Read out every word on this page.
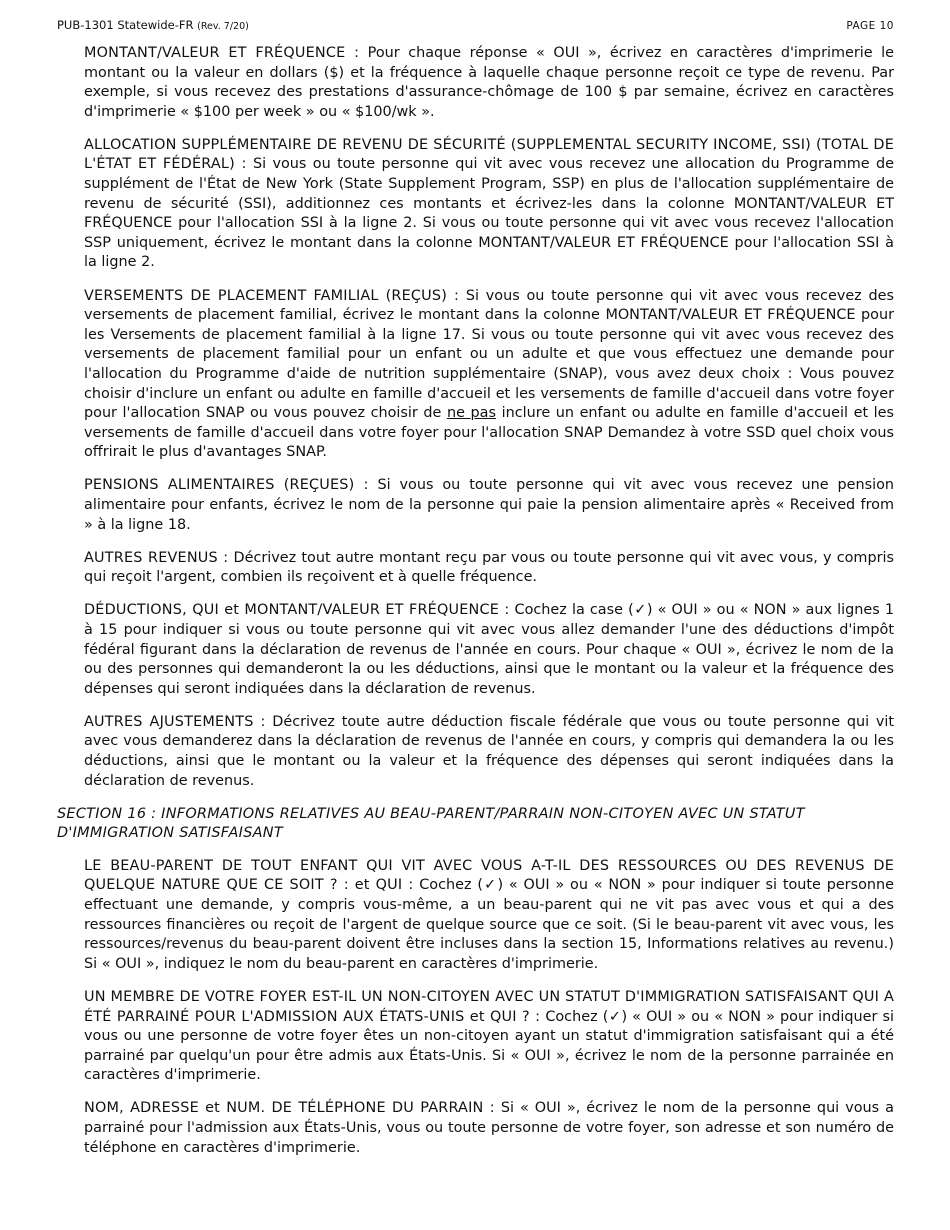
PUB-1301 Statewide-FR (Rev. 7/20)	PAGE 10

MONTANT/VALEUR ET FRÉQUENCE : Pour chaque réponse « OUI », écrivez en caractères d'imprimerie le montant ou la valeur en dollars ($) et la fréquence à laquelle chaque personne reçoit ce type de revenu. Par exemple, si vous recevez des prestations d'assurance-chômage de 100 $ par semaine, écrivez en caractères d'imprimerie « $100 per week » ou « $100/wk ».

ALLOCATION SUPPLÉMENTAIRE DE REVENU DE SÉCURITÉ (SUPPLEMENTAL SECURITY INCOME, SSI) (TOTAL DE L'ÉTAT ET FÉDÉRAL) : Si vous ou toute personne qui vit avec vous recevez une allocation du Programme de supplément de l'État de New York (State Supplement Program, SSP) en plus de l'allocation supplémentaire de revenu de sécurité (SSI), additionnez ces montants et écrivez-les dans la colonne MONTANT/VALEUR ET FRÉQUENCE pour l'allocation SSI à la ligne 2. Si vous ou toute personne qui vit avec vous recevez l'allocation SSP uniquement, écrivez le montant dans la colonne MONTANT/VALEUR ET FRÉQUENCE pour l'allocation SSI à la ligne 2.

VERSEMENTS DE PLACEMENT FAMILIAL (REÇUS) : Si vous ou toute personne qui vit avec vous recevez des versements de placement familial, écrivez le montant dans la colonne MONTANT/VALEUR ET FRÉQUENCE pour les Versements de placement familial à la ligne 17. Si vous ou toute personne qui vit avec vous recevez des versements de placement familial pour un enfant ou un adulte et que vous effectuez une demande pour l'allocation du Programme d'aide de nutrition supplémentaire (SNAP), vous avez deux choix : Vous pouvez choisir d'inclure un enfant ou adulte en famille d'accueil et les versements de famille d'accueil dans votre foyer pour l'allocation SNAP ou vous pouvez choisir de ne pas inclure un enfant ou adulte en famille d'accueil et les versements de famille d'accueil dans votre foyer pour l'allocation SNAP Demandez à votre SSD quel choix vous offrirait le plus d'avantages SNAP.

PENSIONS ALIMENTAIRES (REÇUES) : Si vous ou toute personne qui vit avec vous recevez une pension alimentaire pour enfants, écrivez le nom de la personne qui paie la pension alimentaire après « Received from » à la ligne 18.

AUTRES REVENUS : Décrivez tout autre montant reçu par vous ou toute personne qui vit avec vous, y compris qui reçoit l'argent, combien ils reçoivent et à quelle fréquence.

DÉDUCTIONS, QUI et MONTANT/VALEUR ET FRÉQUENCE : Cochez la case (✓) « OUI » ou « NON » aux lignes 1 à 15 pour indiquer si vous ou toute personne qui vit avec vous allez demander l'une des déductions d'impôt fédéral figurant dans la déclaration de revenus de l'année en cours. Pour chaque « OUI », écrivez le nom de la ou des personnes qui demanderont la ou les déductions, ainsi que le montant ou la valeur et la fréquence des dépenses qui seront indiquées dans la déclaration de revenus.

AUTRES AJUSTEMENTS : Décrivez toute autre déduction fiscale fédérale que vous ou toute personne qui vit avec vous demanderez dans la déclaration de revenus de l'année en cours, y compris qui demandera la ou les déductions, ainsi que le montant ou la valeur et la fréquence des dépenses qui seront indiquées dans la déclaration de revenus.

SECTION 16 : INFORMATIONS RELATIVES AU BEAU-PARENT/PARRAIN NON-CITOYEN AVEC UN STATUT D'IMMIGRATION SATISFAISANT

LE BEAU-PARENT DE TOUT ENFANT QUI VIT AVEC VOUS A-T-IL DES RESSOURCES OU DES REVENUS DE QUELQUE NATURE QUE CE SOIT ? : et QUI : Cochez (✓) « OUI » ou « NON » pour indiquer si toute personne effectuant une demande, y compris vous-même, a un beau-parent qui ne vit pas avec vous et qui a des ressources financières ou reçoit de l'argent de quelque source que ce soit. (Si le beau-parent vit avec vous, les ressources/revenus du beau-parent doivent être incluses dans la section 15, Informations relatives au revenu.) Si « OUI », indiquez le nom du beau-parent en caractères d'imprimerie.

UN MEMBRE DE VOTRE FOYER EST-IL UN NON-CITOYEN AVEC UN STATUT D'IMMIGRATION SATISFAISANT QUI A ÉTÉ PARRAINÉ POUR L'ADMISSION AUX ÉTATS-UNIS et QUI ? : Cochez (✓) « OUI » ou « NON » pour indiquer si vous ou une personne de votre foyer êtes un non-citoyen ayant un statut d'immigration satisfaisant qui a été parrainé par quelqu'un pour être admis aux États-Unis. Si « OUI », écrivez le nom de la personne parrainée en caractères d'imprimerie.

NOM, ADRESSE et NUM. DE TÉLÉPHONE DU PARRAIN : Si « OUI », écrivez le nom de la personne qui vous a parrainé pour l'admission aux États-Unis, vous ou toute personne de votre foyer, son adresse et son numéro de téléphone en caractères d'imprimerie.
